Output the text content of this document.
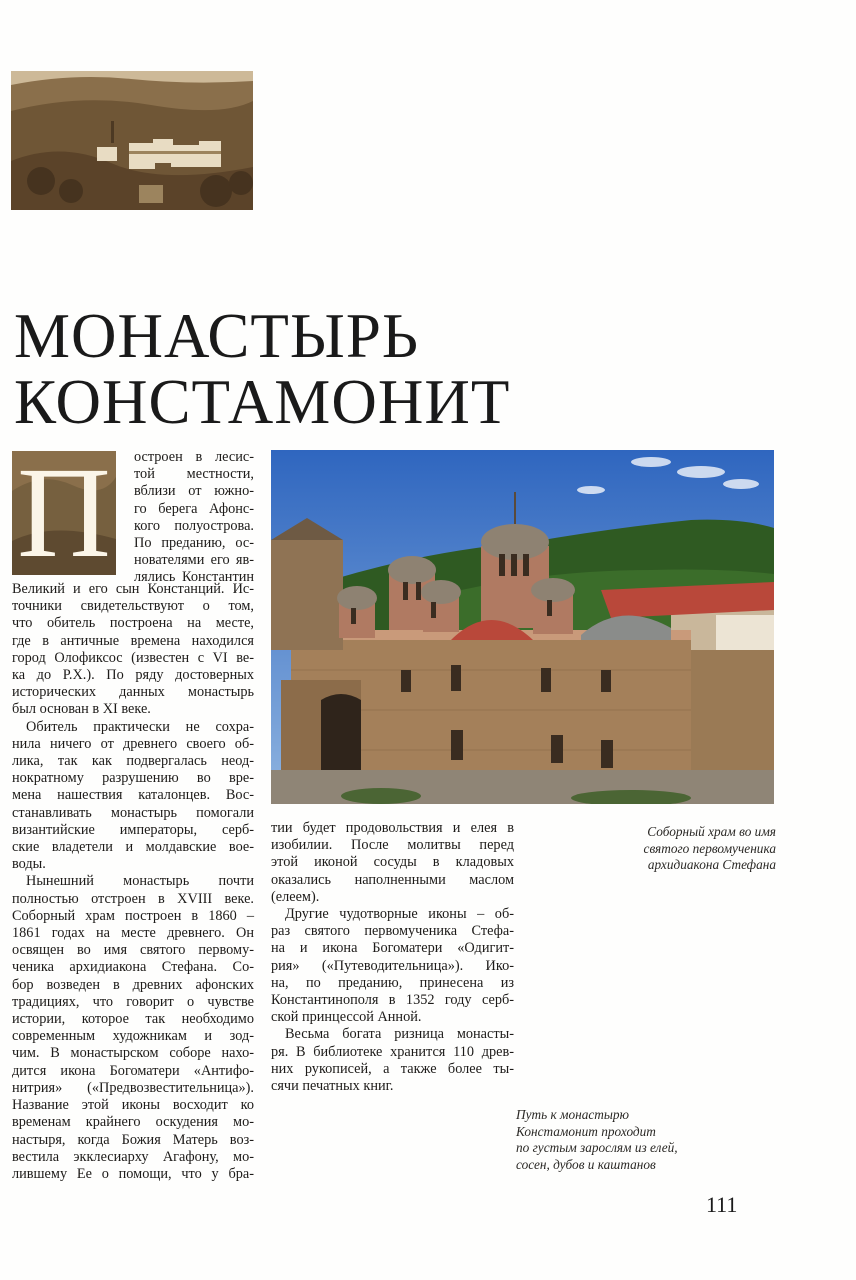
МОНАСТЫРЬ
КОНСТАМОНИТ
П	остроен в лесис-
той местности,
вблизи от южно-
го берега Афонс-
кого полуострова.
По преданию, ос-
нователями его яв-
лялись Константин
Великий и его сын Констанций. Ис-
точники свидетельствуют о том,
что обитель построена на месте,
где в античные времена находился
город Олофиксос (известен с VI ве-
ка до Р.Х.). По ряду достоверных
исторических данных монастырь
был основан в XI веке.
Обитель практически не сохра-
нила ничего от древнего своего об-
лика, так как подвергалась неод-
нократному разрушению во вре-
мена нашествия каталонцев. Вос-
станавливать монастырь помогали
византийские императоры, серб-
ские владетели и молдавские вое-
воды.
Нынешний монастырь почти
полностью отстроен в XVIII веке.
Соборный храм построен в 1860 –
1861 годах на месте древнего. Он
освящен во имя святого первому-
ченика архидиакона Стефана. Со-
бор возведен в древних афонских
традициях, что говорит о чувстве
истории, которое так необходимо
современным художникам и зод-
чим. В монастырском соборе нахо-
дится икона Богоматери «Антифо-
нитрия» («Предвозвестительница»).
Название этой иконы восходит ко
временам крайнего оскудения мо-
настыря, когда Божия Матерь воз-
вестила экклесиарху Агафону, мо-
лившему Ее о помощи, что у бра-
тии будет продовольствия и елея в
изобилии. После молитвы перед
этой иконой сосуды в кладовых
оказались наполненными маслом
(елеем).
Другие чудотворные иконы – об-
раз святого первомученика Стефа-
на и икона Богоматери «Одигит-
рия» («Путеводительница»). Ико-
на, по преданию, принесена из
Константинополя в 1352 году серб-
ской принцессой Анной.
Весьма богата ризница монасты-
ря. В библиотеке хранится 110 древ-
них рукописей, а также более ты-
сячи печатных книг.
Соборный храм во имя
святого первомученика
архидиакона Стефана
Путь к монастырю
Констамонит проходит
по густым зарослям из елей,
сосен, дубов и каштанов
111
